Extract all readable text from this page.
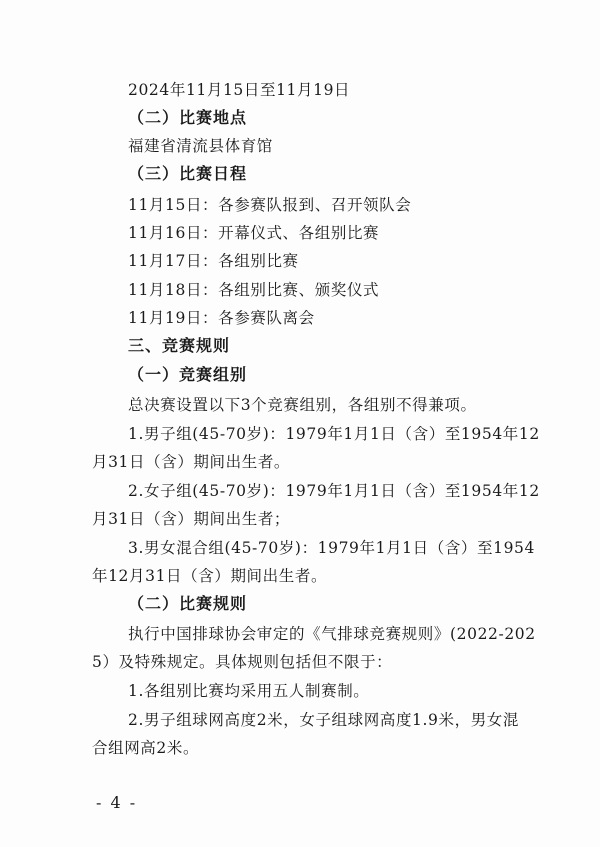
2024年11月15日至11月19日
（二）比赛地点
福建省清流县体育馆
（三）比赛日程
11月15日：各参赛队报到、召开领队会
11月16日：开幕仪式、各组别比赛
11月17日：各组别比赛
11月18日：各组别比赛、颁奖仪式
11月19日：各参赛队离会
三、竞赛规则
（一）竞赛组别
总决赛设置以下3个竞赛组别，各组别不得兼项。
1.男子组(45-70岁)：1979年1月1日（含）至1954年12
月31日（含）期间出生者。
2.女子组(45-70岁)：1979年1月1日（含）至1954年12
月31日（含）期间出生者；
3.男女混合组(45-70岁)：1979年1月1日（含）至1954
年12月31日（含）期间出生者。
（二）比赛规则
执行中国排球协会审定的《气排球竞赛规则》(2022-202
5）及特殊规定。具体规则包括但不限于：
1.各组别比赛均采用五人制赛制。
2.男子组球网高度2米，女子组球网高度1.9米，男女混
合组网高2米。
- 4 -
